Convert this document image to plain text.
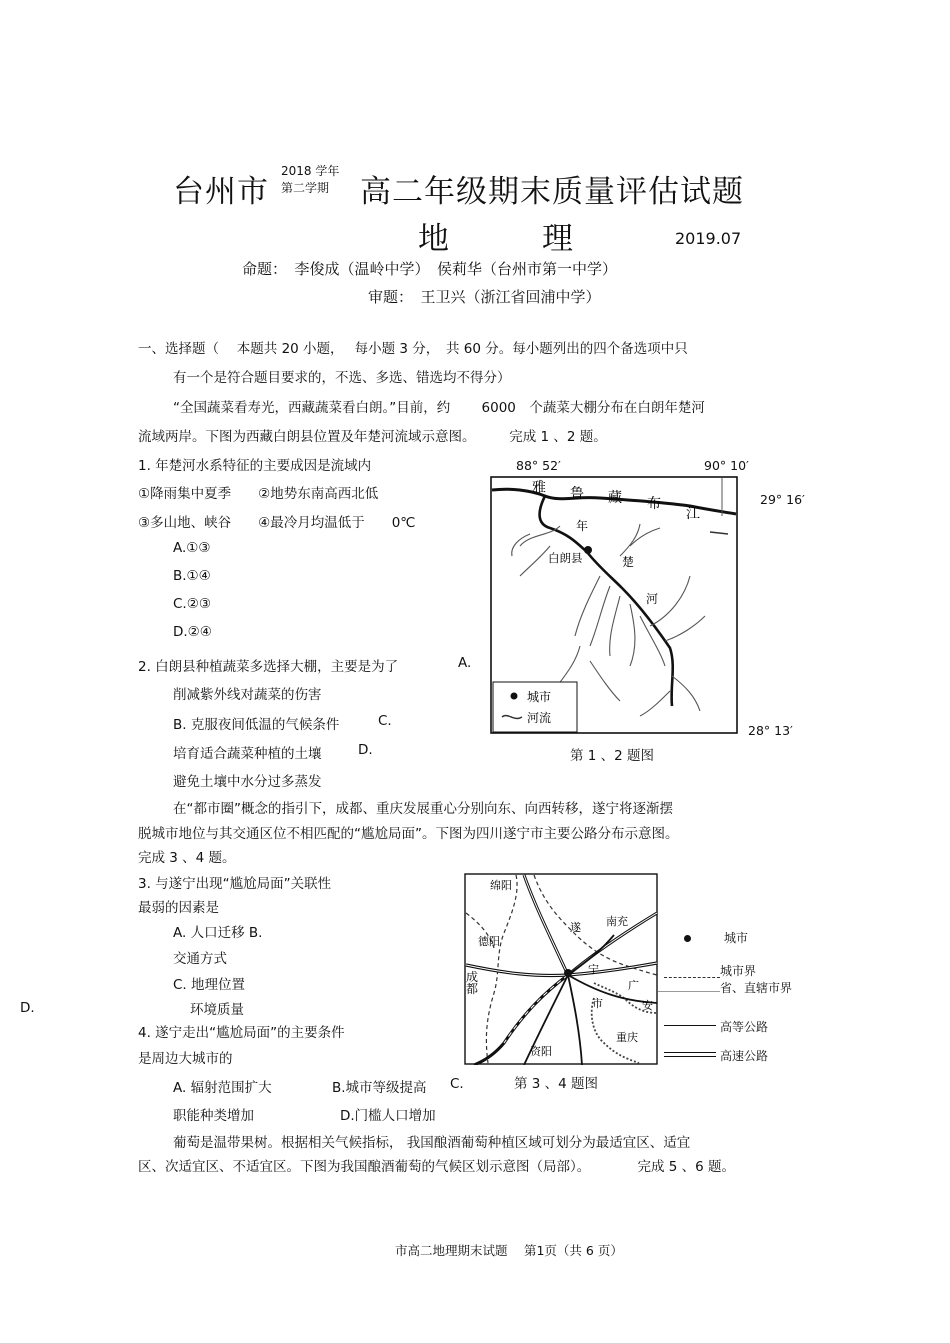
台州市
2018 学年
第二学期 高二年级期末质量评估试题
地　　　理	2019.07
命题：　李俊成（温岭中学）　侯莉华（台州市第一中学）
审题：　王卫兴（浙江省回浦中学）
一、选择题（　 本题共 20 小题，　 每小题 3 分，　共 60 分。每小题列出的四个备选项中只
有一个是符合题目要求的，不选、多选、错选均不得分）
“全国蔬菜看寿光，西藏蔬菜看白朗。”目前，约　　 6000　个蔬菜大棚分布在白朗年楚河
流域两岸。下图为西藏白朗县位置及年楚河流域示意图。　　　完成 1 、2 题。
1. 年楚河水系特征的主要成因是流域内
①降雨集中夏季　　②地势东南高西北低
③多山地、峡谷　　④最冷月均温低于　　0℃
A.①③
B.①④
C.②③
D.②④
2. 白朗县种植蔬菜多选择大棚，主要是为了	A.
削减紫外线对蔬菜的伤害
B. 克服夜间低温的气候条件	C.
培育适合蔬菜种植的土壤	D.
避免土壤中水分过多蒸发
88° 52′	90° 10′
29° 16′
28° 13′
雅 鲁 藏 布
江
年
楚
河
白朗县
城市
河流
第 1 、2 题图
在“都市圈”概念的指引下，成都、重庆发展重心分别向东、向西转移，遂宁将逐渐摆
脱城市地位与其交通区位不相匹配的“尴尬局面”。下图为四川遂宁市主要公路分布示意图。
完成 3 、4 题。
3. 与遂宁出现“尴尬局面”关联性
最弱的因素是
A. 人口迁移 B.
交通方式
C. 地理位置
D.	环境质量
4. 遂宁走出“尴尬局面”的主要条件
是周边大城市的
A. 辐射范围扩大	B.城市等级提高 C.
职能种类增加	D.门槛人口增加
绵阳
德阳
成
都
遂
宁
市
南充
广
安
重庆
资阳
第 3 、4 题图
城市
城市界
省、直辖市界
高等公路
高速公路
葡萄是温带果树。根据相关气候指标， 我国酿酒葡萄种植区域可划分为最适宜区、适宜
区、次适宜区、不适宜区。下图为我国酿酒葡萄的气候区划示意图（局部）。　　　　完成 5 、6 题。
市高二地理期末试题　 第1页（共 6 页）
